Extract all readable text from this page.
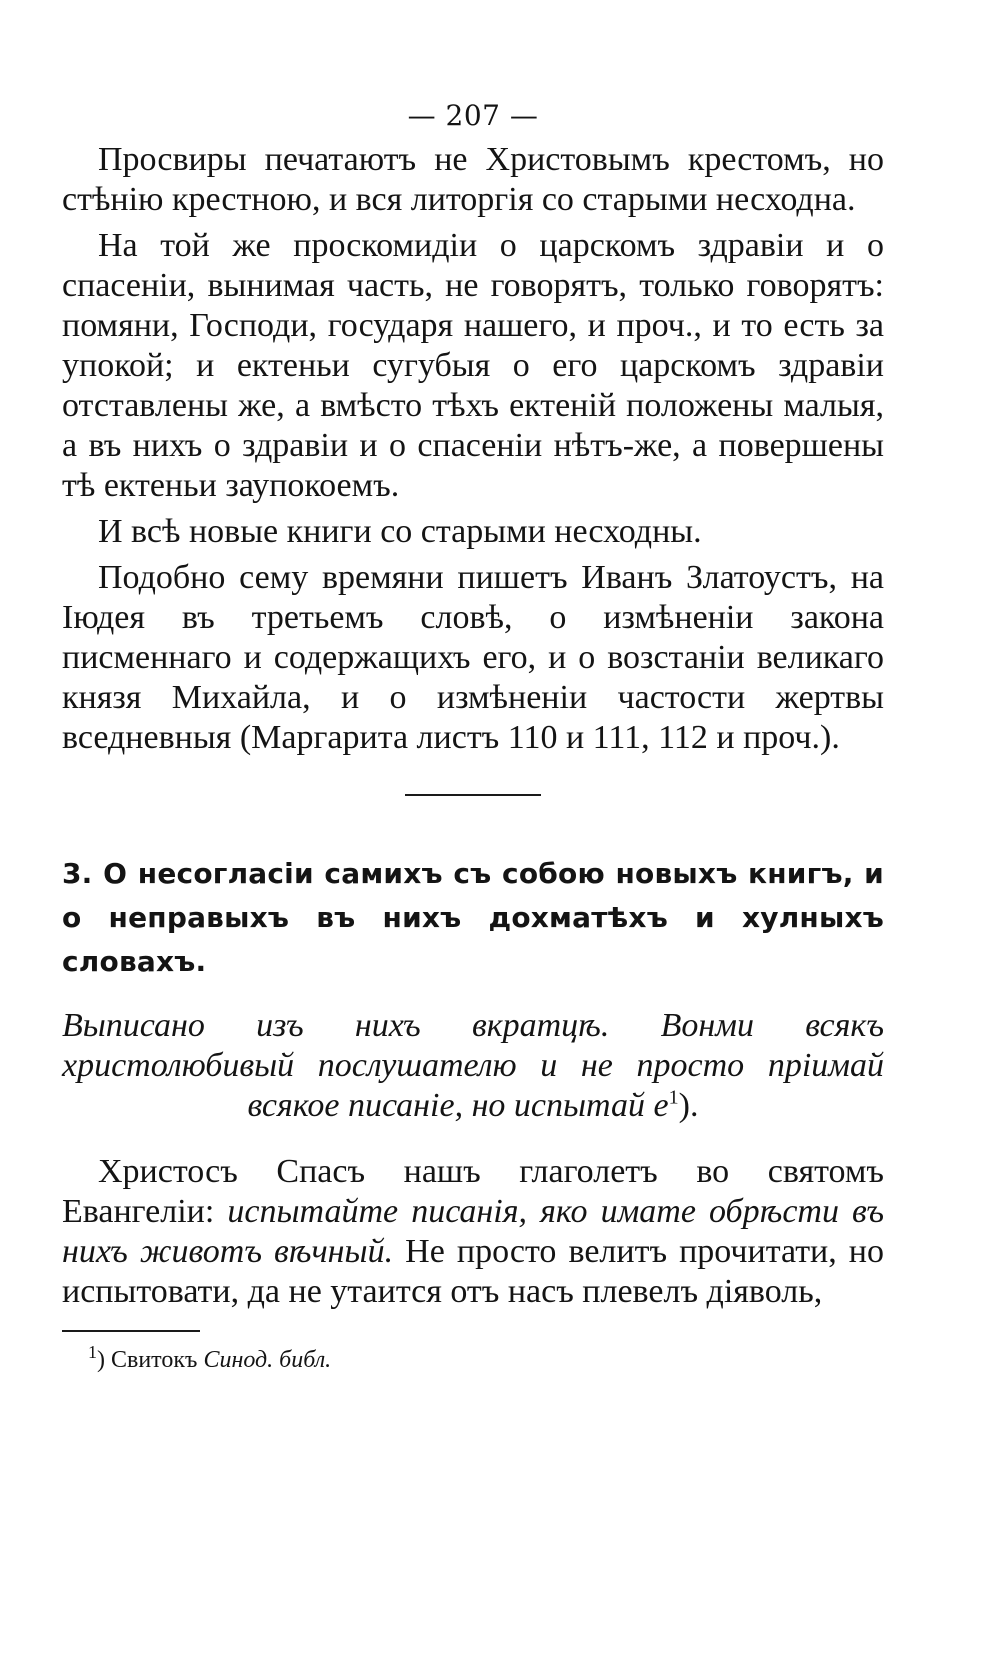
— 207 —

Просвиры печатаютъ не Христовымъ крестомъ, но стѣнiю крестною, и вся литоргiя со старыми несходна.

На той же проскомидiи о царскомъ здравiи и о спасенiи, вынимая часть, не говорятъ, только говорятъ: помяни, Господи, государя нашего, и проч., и то есть за упокой; и ектеньи сугубыя о его царскомъ здравiи отставлены же, а вмѣсто тѣхъ ектенiй положены малыя, а въ нихъ о здравiи и о спасенiи нѣтъ-же, а повершены тѣ ектеньи заупокоемъ.

И всѣ новые книги со старыми несходны.

Подобно сему времяни пишетъ Иванъ Златоустъ, на Iюдея въ третьемъ словѣ, о измѣненiи закона писменнаго и содержащихъ его, и о возстанiи великаго князя Михайла, и о измѣненiи частости жертвы вседневныя (Маргарита листъ 110 и 111, 112 и проч.).

3. О несогласiи самихъ съ собою новыхъ книгъ, и о неправыхъ въ нихъ дохматѣхъ и хулныхъ словахъ.

Выписано изъ нихъ вкратцѣ. Вонми всякъ христолюбивый послушателю и не просто прiимай всякое писанiе, но испытай е$^1$).

Христосъ Спасъ нашъ глаголетъ во святомъ Евангелiи: испытайте писанiя, яко имате обрѣсти въ нихъ животъ вѣчный. Не просто велитъ прочитати, но испытовати, да не утаится отъ насъ плевелъ дiяволь,

$^1$) Свитокъ Синод. библ.
